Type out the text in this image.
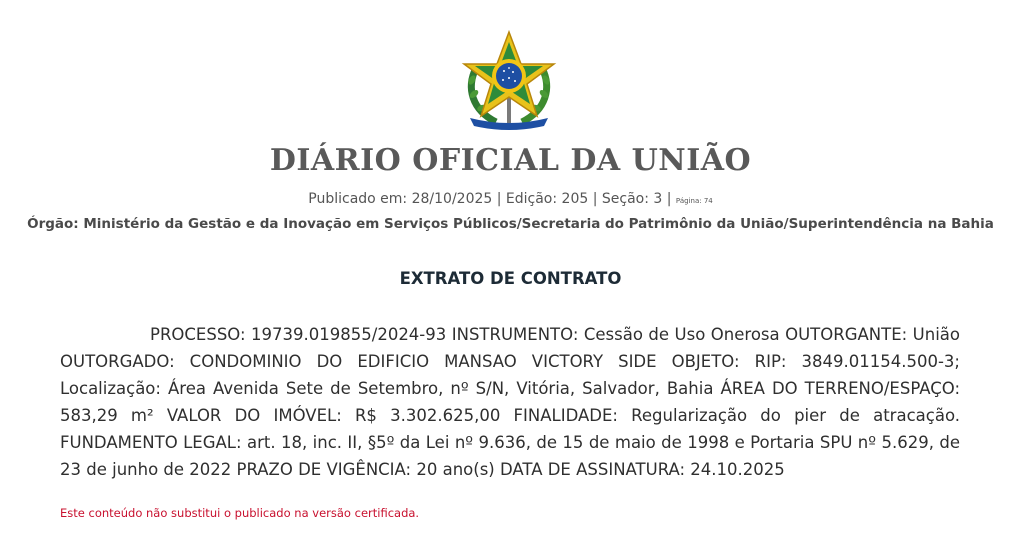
DIÁRIO OFICIAL DA UNIÃO
Publicado em: 28/10/2025 | Edição: 205 | Seção: 3 | Página: 74
Órgão: Ministério da Gestão e da Inovação em Serviços Públicos/Secretaria do Patrimônio da União/Superintendência na Bahia
EXTRATO DE CONTRATO
PROCESSO: 19739.019855/2024-93 INSTRUMENTO: Cessão de Uso Onerosa OUTORGANTE: União OUTORGADO: CONDOMINIO DO EDIFICIO MANSAO VICTORY SIDE OBJETO: RIP: 3849.01154.500-3; Localização: Área Avenida Sete de Setembro, nº S/N, Vitória, Salvador, Bahia ÁREA DO TERRENO/ESPAÇO: 583,29 m² VALOR DO IMÓVEL: R$ 3.302.625,00 FINALIDADE: Regularização do pier de atracação. FUNDAMENTO LEGAL: art. 18, inc. II, §5º da Lei nº 9.636, de 15 de maio de 1998 e Portaria SPU nº 5.629, de 23 de junho de 2022 PRAZO DE VIGÊNCIA: 20 ano(s) DATA DE ASSINATURA: 24.10.2025
Este conteúdo não substitui o publicado na versão certificada.
